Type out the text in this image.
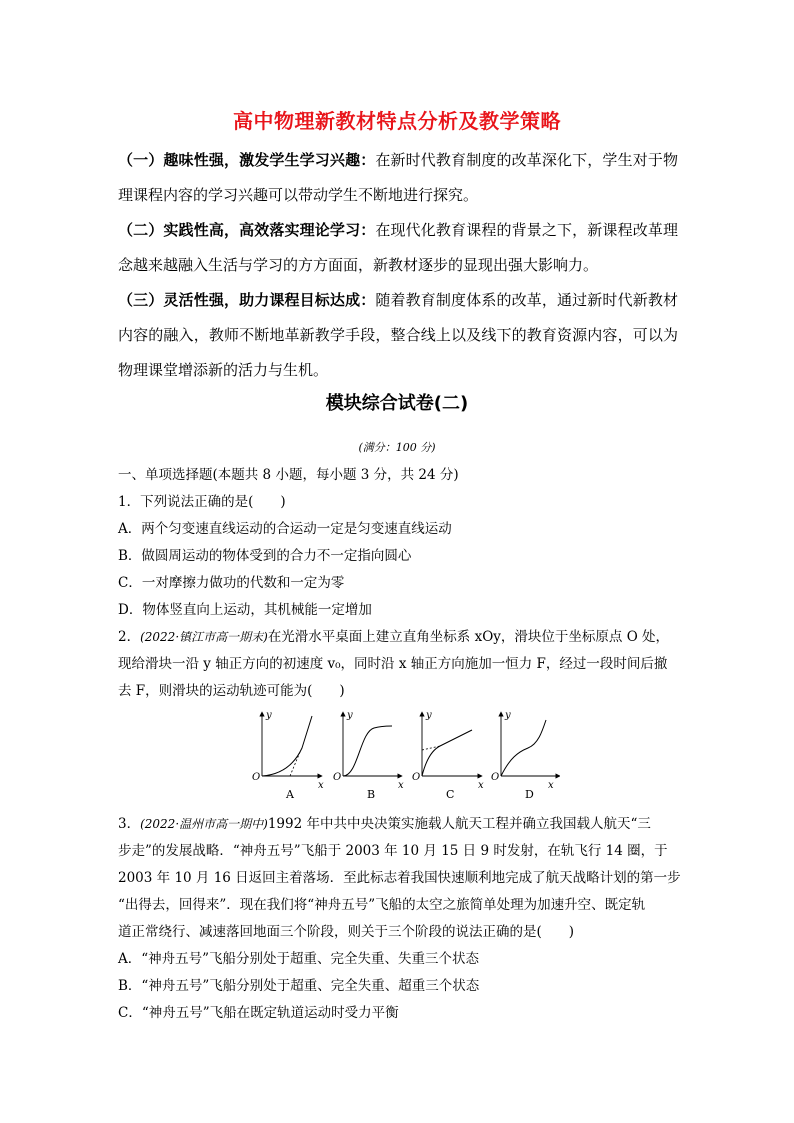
高中物理新教材特点分析及教学策略
（一）趣味性强，激发学生学习兴趣：在新时代教育制度的改革深化下，学生对于物理课程内容的学习兴趣可以带动学生不断地进行探究。
（二）实践性高，高效落实理论学习：在现代化教育课程的背景之下，新课程改革理念越来越融入生活与学习的方方面面，新教材逐步的显现出强大影响力。
（三）灵活性强，助力课程目标达成：随着教育制度体系的改革，通过新时代新教材内容的融入，教师不断地革新教学手段，整合线上以及线下的教育资源内容，可以为物理课堂增添新的活力与生机。
模块综合试卷(二)
(满分：100 分)
一、单项选择题(本题共 8 小题，每小题 3 分，共 24 分)
1．下列说法正确的是(　　)
A．两个匀变速直线运动的合运动一定是匀变速直线运动
B．做圆周运动的物体受到的合力不一定指向圆心
C．一对摩擦力做功的代数和一定为零
D．物体竖直向上运动，其机械能一定增加
2．(2022·镇江市高一期末)在光滑水平桌面上建立直角坐标系 xOy，滑块位于坐标原点 O 处，
现给滑块一沿 y 轴正方向的初速度 v₀，同时沿 x 轴正方向施加一恒力 F，经过一段时间后撤
去 F，则滑块的运动轨迹可能为(　　)
y
x
O
y
x
O
y
x
O
y
x
O
A	B	C	D
3．(2022·温州市高一期中)1992 年中共中央决策实施载人航天工程并确立我国载人航天“三
步走”的发展战略．“神舟五号”飞船于 2003 年 10 月 15 日 9 时发射，在轨飞行 14 圈，于
2003 年 10 月 16 日返回主着落场．至此标志着我国快速顺利地完成了航天战略计划的第一步
“出得去，回得来”．现在我们将“神舟五号”飞船的太空之旅简单处理为加速升空、既定轨
道正常绕行、减速落回地面三个阶段，则关于三个阶段的说法正确的是(　　)
A．“神舟五号”飞船分别处于超重、完全失重、失重三个状态
B．“神舟五号”飞船分别处于超重、完全失重、超重三个状态
C．“神舟五号”飞船在既定轨道运动时受力平衡
